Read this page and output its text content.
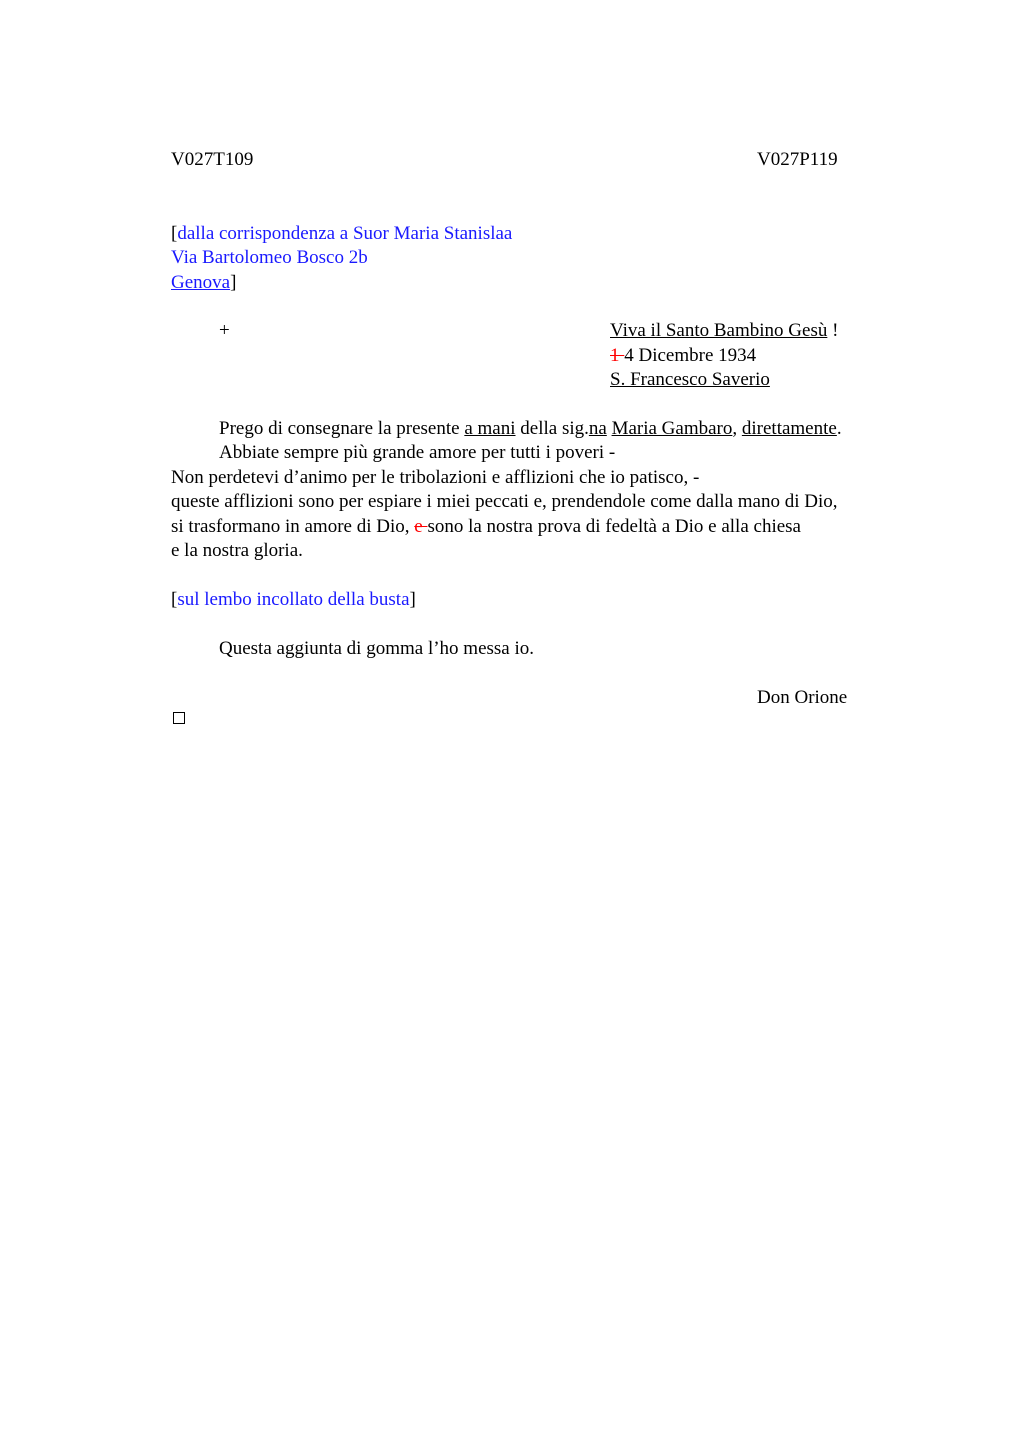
V027T109	V027P119
[dalla corrispondenza a Suor Maria Stanislaa
Via Bartolomeo Bosco 2b
Genova]
+	Viva il Santo Bambino Gesù !
1 4 Dicembre 1934
S. Francesco Saverio
Prego di consegnare la presente a mani della sig.na Maria Gambaro, direttamente.
Abbiate sempre più grande amore per tutti i poveri -
Non perdetevi d’animo per le tribolazioni e afflizioni che io patisco, -
queste afflizioni sono per espiare i miei peccati e, prendendole come dalla mano di Dio,
si trasformano in amore di Dio, e sono la nostra prova di fedeltà a Dio e alla chiesa
e la nostra gloria.
[sul lembo incollato della busta]
Questa aggiunta di gomma l’ho messa io.
Don Orione
